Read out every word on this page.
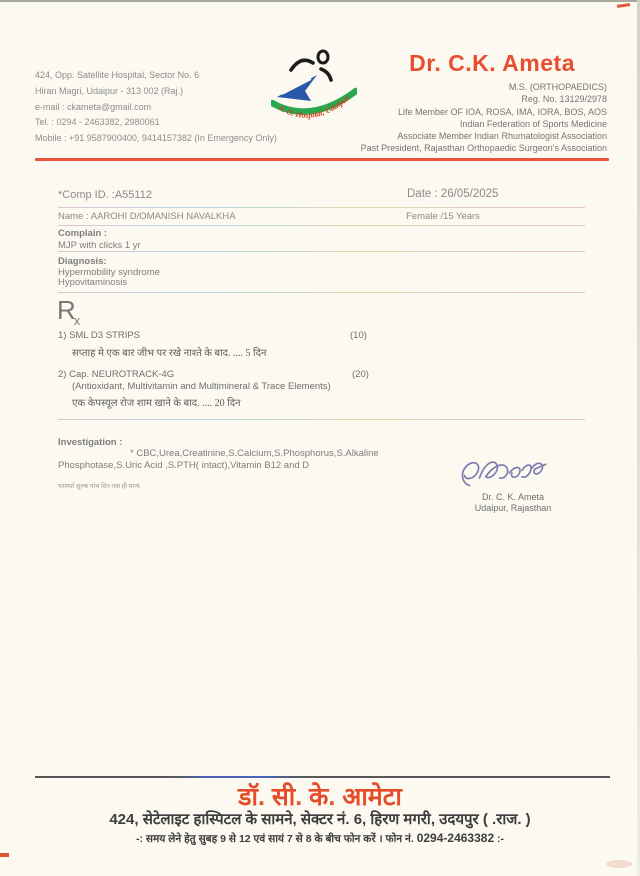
424, Opp. Satellite Hospital, Sector No. 6
Hiran Magri, Udaipur - 313 002 (Raj.)
e-mail : ckameta@gmail.com
Tel. : 0294 - 2463382, 2980061
Mobile : +91 9587900400, 9414157382 (In Emergency Only)
A. O. Hospital, Udaipur
Dr. C.K. Ameta
M.S. (ORTHOPAEDICS)
Reg. No. 13129/2978
Life Member OF IOA, ROSA, IMA, IORA, BOS, AOS
Indian Federation of Sports Medicine
Associate Member Indian Rhumatologist Association
Past President, Rajasthan Orthopaedic Surgeon's Association
*Comp ID. :A55112	Date : 26/05/2025
Name : AAROHI D/OMANISH NAVALKHA	Female /15 Years
Complain :
MJP with clicks 1 yr
Diagnosis:
Hypermobility syndrome
Hypovitaminosis
$R_x$
1) SML D3 STRIPS	(10)
सप्ताह मे एक बार जीभ पर रखे नाश्ते के बाद. .... 5 दिन
2) Cap. NEUROTRACK-4G	(20)
(Antioxidant, Multivitamin and Multimineral & Trace Elements)
एक केपस्यूल रोज शाम खाने के बाद. .... 20 दिन
Investigation :
* CBC,Urea,Creatinine,S.Calcium,S.Phosphorus,S.Alkaline
Phosphotase,S.Uric Acid ,S.PTH( intact),Vitamin B12 and D
परामर्श शुल्क पांच दिन तक ही मान्य
Dr. C. K. Ameta
Udaipur, Rajasthan
डॉ. सी. के. आमेटा
424, सेटेलाइट हास्पिटल के सामने, सेक्टर नं. 6, हिरण मगरी, उदयपुर ( .राज. )
-: समय लेने हेतु सुबह 9 से 12 एवं सायं 7 से 8 के बीच फोन करें । फोन नं. 0294-2463382 :-
